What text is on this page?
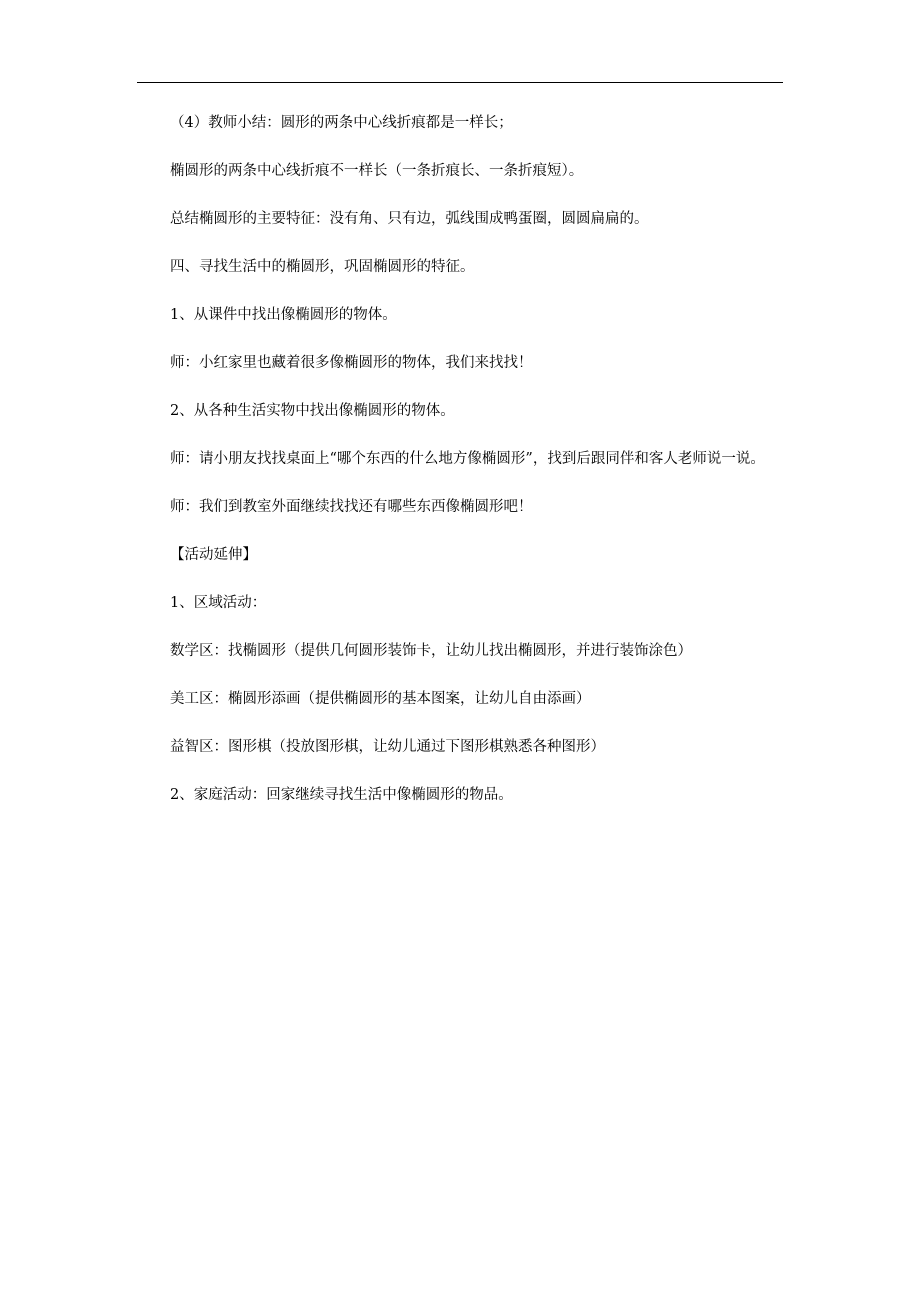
（4）教师小结：圆形的两条中心线折痕都是一样长；

椭圆形的两条中心线折痕不一样长（一条折痕长、一条折痕短）。

总结椭圆形的主要特征：没有角、只有边，弧线围成鸭蛋圈，圆圆扁扁的。

四、寻找生活中的椭圆形，巩固椭圆形的特征。

1、从课件中找出像椭圆形的物体。

师：小红家里也藏着很多像椭圆形的物体，我们来找找！

2、从各种生活实物中找出像椭圆形的物体。

师：请小朋友找找桌面上“哪个东西的什么地方像椭圆形”，找到后跟同伴和客人老师说一说。

师：我们到教室外面继续找找还有哪些东西像椭圆形吧！

【活动延伸】

1、区域活动：

数学区：找椭圆形（提供几何圆形装饰卡，让幼儿找出椭圆形，并进行装饰涂色）

美工区：椭圆形添画（提供椭圆形的基本图案，让幼儿自由添画）

益智区：图形棋（投放图形棋，让幼儿通过下图形棋熟悉各种图形）

2、家庭活动：回家继续寻找生活中像椭圆形的物品。
